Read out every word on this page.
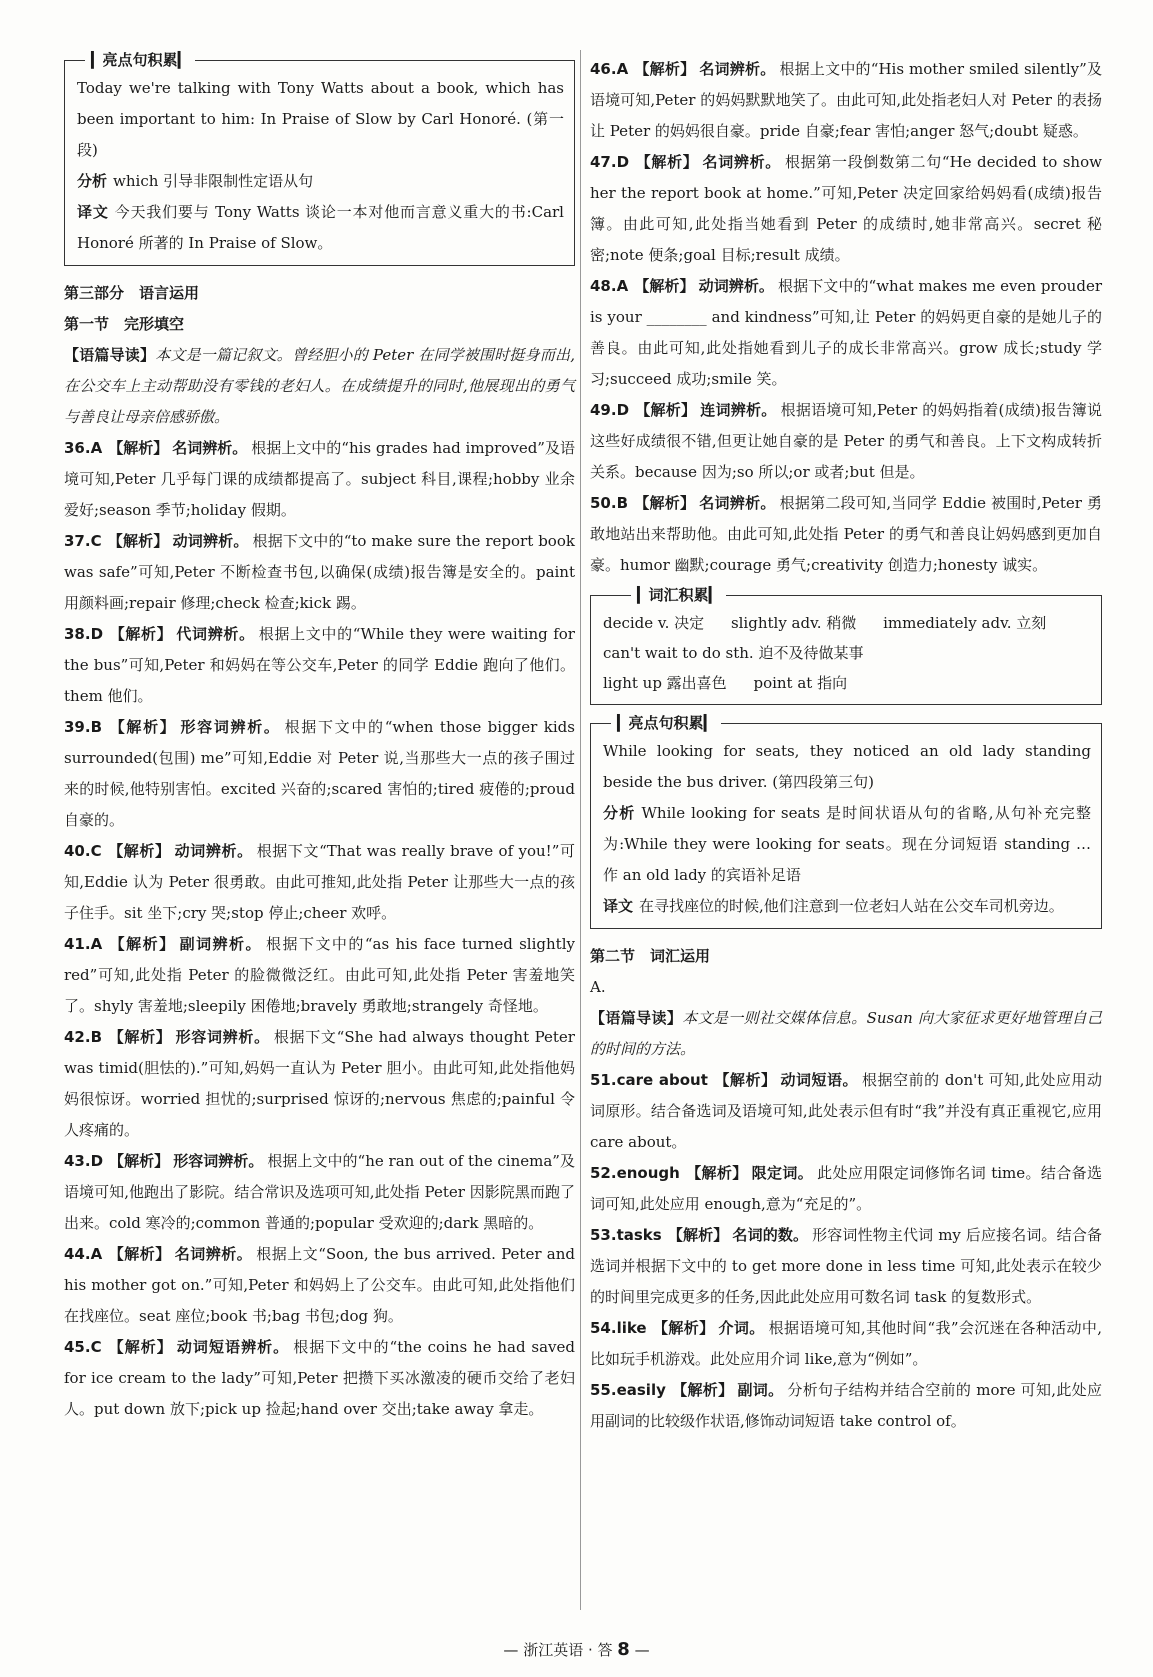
▎ 亮点句积累 ▎

Today we're talking with Tony Watts about a book, which has been important to him: In Praise of Slow by Carl Honoré. (第一段)

分析 which 引导非限制性定语从句

译文 今天我们要与 Tony Watts 谈论一本对他而言意义重大的书:Carl Honoré 所著的 In Praise of Slow。

第三部分　语言运用

第一节　完形填空

【语篇导读】本文是一篇记叙文。曾经胆小的 Peter 在同学被围时挺身而出,在公交车上主动帮助没有零钱的老妇人。在成绩提升的同时,他展现出的勇气与善良让母亲倍感骄傲。

36.A 【解析】 名词辨析。 根据上文中的“his grades had improved”及语境可知,Peter 几乎每门课的成绩都提高了。subject 科目,课程;hobby 业余爱好;season 季节;holiday 假期。

37.C 【解析】 动词辨析。 根据下文中的“to make sure the report book was safe”可知,Peter 不断检查书包,以确保(成绩)报告簿是安全的。paint 用颜料画;repair 修理;check 检查;kick 踢。

38.D 【解析】 代词辨析。 根据上文中的“While they were waiting for the bus”可知,Peter 和妈妈在等公交车,Peter 的同学 Eddie 跑向了他们。them 他们。

39.B 【解析】 形容词辨析。 根据下文中的“when those bigger kids surrounded(包围) me”可知,Eddie 对 Peter 说,当那些大一点的孩子围过来的时候,他特别害怕。excited 兴奋的;scared 害怕的;tired 疲倦的;proud 自豪的。

40.C 【解析】 动词辨析。 根据下文“That was really brave of you!”可知,Eddie 认为 Peter 很勇敢。由此可推知,此处指 Peter 让那些大一点的孩子住手。sit 坐下;cry 哭;stop 停止;cheer 欢呼。

41.A 【解析】 副词辨析。 根据下文中的“as his face turned slightly red”可知,此处指 Peter 的脸微微泛红。由此可知,此处指 Peter 害羞地笑了。shyly 害羞地;sleepily 困倦地;bravely 勇敢地;strangely 奇怪地。

42.B 【解析】 形容词辨析。 根据下文“She had always thought Peter was timid(胆怯的).”可知,妈妈一直认为 Peter 胆小。由此可知,此处指他妈妈很惊讶。worried 担忧的;surprised 惊讶的;nervous 焦虑的;painful 令人疼痛的。

43.D 【解析】 形容词辨析。 根据上文中的“he ran out of the cinema”及语境可知,他跑出了影院。结合常识及选项可知,此处指 Peter 因影院黑而跑了出来。cold 寒冷的;common 普通的;popular 受欢迎的;dark 黑暗的。

44.A 【解析】 名词辨析。 根据上文“Soon, the bus arrived. Peter and his mother got on.”可知,Peter 和妈妈上了公交车。由此可知,此处指他们在找座位。seat 座位;book 书;bag 书包;dog 狗。

45.C 【解析】 动词短语辨析。 根据下文中的“the coins he had saved for ice cream to the lady”可知,Peter 把攒下买冰激凌的硬币交给了老妇人。put down 放下;pick up 捡起;hand over 交出;take away 拿走。

46.A 【解析】 名词辨析。 根据上文中的“His mother smiled silently”及语境可知,Peter 的妈妈默默地笑了。由此可知,此处指老妇人对 Peter 的表扬让 Peter 的妈妈很自豪。pride 自豪;fear 害怕;anger 怒气;doubt 疑惑。

47.D 【解析】 名词辨析。 根据第一段倒数第二句“He decided to show her the report book at home.”可知,Peter 决定回家给妈妈看(成绩)报告簿。由此可知,此处指当她看到 Peter 的成绩时,她非常高兴。secret 秘密;note 便条;goal 目标;result 成绩。

48.A 【解析】 动词辨析。 根据下文中的“what makes me even prouder is your ________ and kindness”可知,让 Peter 的妈妈更自豪的是她儿子的善良。由此可知,此处指她看到儿子的成长非常高兴。grow 成长;study 学习;succeed 成功;smile 笑。

49.D 【解析】 连词辨析。 根据语境可知,Peter 的妈妈指着(成绩)报告簿说这些好成绩很不错,但更让她自豪的是 Peter 的勇气和善良。上下文构成转折关系。because 因为;so 所以;or 或者;but 但是。

50.B 【解析】 名词辨析。 根据第二段可知,当同学 Eddie 被围时,Peter 勇敢地站出来帮助他。由此可知,此处指 Peter 的勇气和善良让妈妈感到更加自豪。humor 幽默;courage 勇气;creativity 创造力;honesty 诚实。

▎ 词汇积累 ▎
decide v. 决定 slightly adv. 稍微 immediately adv. 立刻
can't wait to do sth. 迫不及待做某事
light up 露出喜色 point at 指向
▎ 亮点句积累 ▎

While looking for seats, they noticed an old lady standing beside the bus driver. (第四段第三句)

分析 While looking for seats 是时间状语从句的省略,从句补充完整为:While they were looking for seats。现在分词短语 standing … 作 an old lady 的宾语补足语

译文 在寻找座位的时候,他们注意到一位老妇人站在公交车司机旁边。

第二节　词汇运用

A.

【语篇导读】本文是一则社交媒体信息。Susan 向大家征求更好地管理自己的时间的方法。

51.care about 【解析】 动词短语。 根据空前的 don't 可知,此处应用动词原形。结合备选词及语境可知,此处表示但有时“我”并没有真正重视它,应用 care about。

52.enough 【解析】 限定词。 此处应用限定词修饰名词 time。结合备选词可知,此处应用 enough,意为“充足的”。

53.tasks 【解析】 名词的数。 形容词性物主代词 my 后应接名词。结合备选词并根据下文中的 to get more done in less time 可知,此处表示在较少的时间里完成更多的任务,因此此处应用可数名词 task 的复数形式。

54.like 【解析】 介词。 根据语境可知,其他时间“我”会沉迷在各种活动中,比如玩手机游戏。此处应用介词 like,意为“例如”。

55.easily 【解析】 副词。 分析句子结构并结合空前的 more 可知,此处应用副词的比较级作状语,修饰动词短语 take control of。

— 浙江英语 · 答 8 —
